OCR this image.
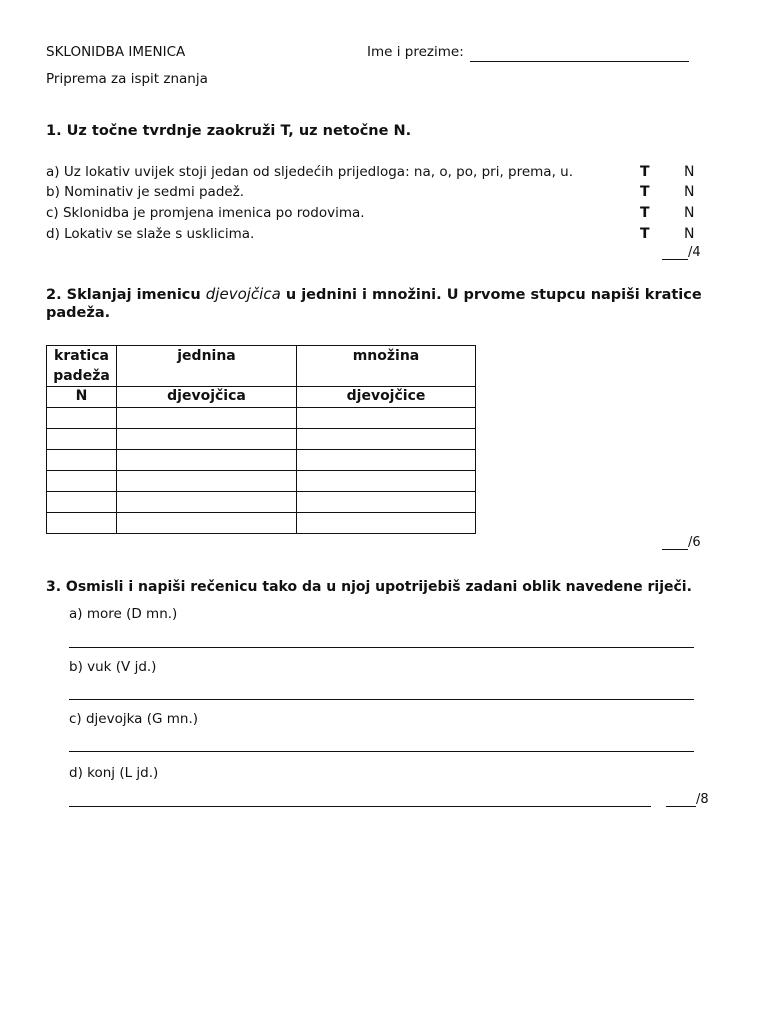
SKLONIDBA IMENICA	Ime i prezime:
Priprema za ispit znanja
1. Uz točne tvrdnje zaokruži T, uz netočne N.
a) Uz lokativ uvijek stoji jedan od sljedećih prijedloga: na, o, po, pri, prema, u.	T N
b) Nominativ je sedmi padež.	T N
c) Sklonidba je promjena imenica po rodovima.	T N
d) Lokativ se slaže s usklicima.	T N
/4
2. Sklanjaj imenicu djevojčica u jednini i množini. U prvome stupcu napiši kratice
padeža.
kratica
padeža	jednina	množina
N	djevojčica	djevojčice

/6
3. Osmisli i napiši rečenicu tako da u njoj upotrijebiš zadani oblik navedene riječi.
a) more (D mn.)
b) vuk (V jd.)
c) djevojka (G mn.)
d) konj (L jd.)
/8
